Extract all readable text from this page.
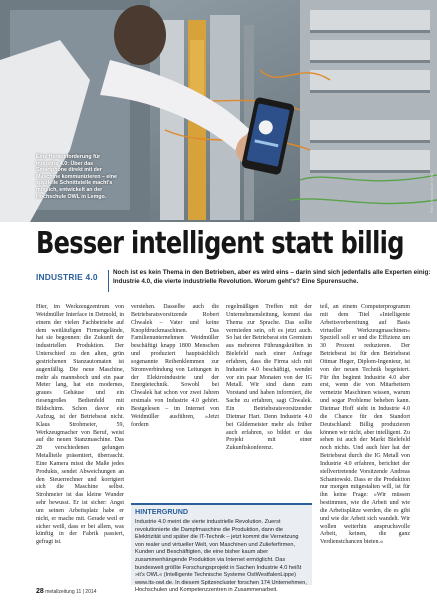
Eine Herausforderung für Industrie 4.0: Über das Smartphone direkt mit der Maschine kommunizieren – eine spezielle Schnittstelle macht's möglich, entwickelt an der Hochschule OWL in Lemgo.	Foto: Hochschule OWL
Besser intelligent statt billig
INDUSTRIE 4.0 Noch ist es kein Thema in den Betrieben, aber es wird eins – darin sind sich jedenfalls alle Experten einig: Industrie 4.0, die vierte industrielle Revolution. Worum geht's? Eine Spurensuche.

Hier, im Werkzeugzentrum von Weidmüller Interface in Detmold, in einem der vielen Fachbetriebe auf dem weitläufigen Firmengelände, hat sie begonnen: die Zukunft der industriellen Produktion. Der Unterschied zu den alten, grün gestrichenen Stanzautomaten ist augenfällig. Die neue Maschine, mehr als mannshoch und ein paar Meter lang, hat ein modernes, graues Gehäuse und ein riesengroßes Bedienfeld mit Bildschirm. Schon davor ein Aufzug, ist der Betriebsrat nicht. Klaus Strohmeier, 59, Werkzeugmacher von Beruf, weist auf die neuen Stanzmaschine. Das 28 verschiedenen gelungen Metallteile präsentiert, überrascht. Eine Kamera misst die Maße jedes Produkts, sendet Abweichungen an den Steuerrechner und korrigiert sich die Maschine selbst. Strohmeier ist das kleine Wunder sehr bewusst. Er ist sicher: Angst um seinen Arbeitsplatz habe er nicht, er mache mit. Gerade weil er sicher weiß, dass er bei allem, was künftig in der Fabrik passiert, gefragt ist.

verstehen. Dasselbe auch die Betriebsratsvorsitzende Robert Chwalek – Vater und keine Knopfdruckmaschinen. Das Familienunternehmen Weidmüller beschäftigt knapp 1800 Menschen und produziert hauptsächlich sogenannte Reihenklemmen zur Stromverbindung von Leitungen in der Elektroindustrie und der Energietechnik. Sowohl bei Chwalek hat schon vor zwei Jahren erstmals von Industrie 4.0 gehört. Bestgelesen – im Internet von Weidmüller ausführen, »Jetzt fordern

regelmäßigen Treffen mit der Unternehmensleitung, kommt das Thema zur Sprache. Das sollte vermieden sein, oft es jetzt auch. So hat der Betriebsrat ein Gremium aus mehreren Führungskräften in Bielefeld nach einer Anfrage erfahren, dass die Firma sich mit Industrie 4.0 beschäftigt, wendet vor ein paar Monaten von der IG Metall. Wir sind dann zum Vorstand und haben informiert, die Sache zu erfahren, sagt Chwalek. Ein Betriebsratsvorsitzender Dietmar Hart. Denn Industrie 4.0 bei Gildemeister mehr als früher auch erfahren, so bildet er das Projekt mit einer Zukunftskonferenz.

teil, an einem Computerprogramm mit dem Titel »Intelligente Arbeitsvorbereitung auf Basis virtueller Werkzeugmaschinen« Speziell soll er und die Effizienz um 30 Prozent reduzieren. Der Betriebsrat ist für den Betriebsrat Ottmar Heger, Diplom-Ingenieur, ist von der neuen Technik begeistert. Für ihn beginnt Industrie 4.0 aber erst, wenn die von Mitarbeitern vernetzte Maschinen wissen, warum und sogar Probleme beheben kann. Dietmar Hoff sieht in Industrie 4.0 die Chance für den Standort Deutschland: Billig produzieren können wir nicht, aber intelligent. Zu sehen ist auch der Markt Bielefeld noch nichts. Und auch hier hat der Betriebsrat durch die IG Metall von Industrie 4.0 erfahren, berichtet der stellvertretende Vorsitzende Andreas Schantowski. Dass er die Produktion nur morgen mitgestalten will, ist für ihn keine Frage: »Wir müssen bestimmen, wie die Arbeit und wie die Arbeitsplätze werden, die es gibt und wie die Arbeit sich wandelt. Wir wollen weiterhin anspruchsvolle Arbeit, keinen, die ganz Verdienstchancen bieten.«

HINTERGRUND
Industrie 4.0 meint die vierte industrielle Revolution. Zuerst revolutionierte die Dampfmaschine die Produktion, dann die Elektrizität und später die IT-Technik – jetzt kommt die Vernetzung von realer und virtueller Welt, von Maschinen und Zulieferfirmen, Kunden und Beschäftigten, die eine bisher kaum aber zusammenhängende Produktion via Internet ermöglicht. Das bundesweit größte Forschungsprojekt in Sachen Industrie 4.0 heißt »it's OWL« (Intelligente Technische Systeme OstWestfalenLippe) www.its-owl.de. In diesem Spitzencluster forschen 174 Unternehmen, Hochschulen und Kompetenzzentren in Zusammenarbeit.
28 metallzeitung 11 | 2014
